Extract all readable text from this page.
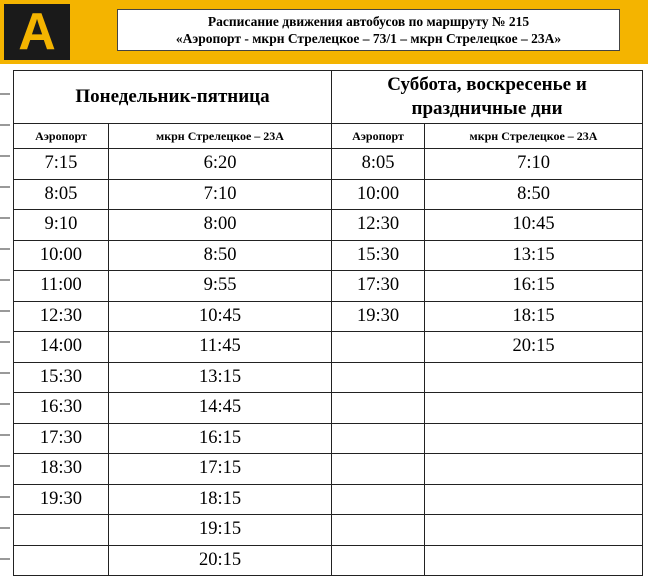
A	Расписание движения автобусов по маршруту № 215
«Аэропорт - мкрн Стрелецкое – 73/1 – мкрн Стрелецкое – 23А»
Понедельник-пятница		Суббота, воскресенье и
праздничные дни	

Аэропорт	мкрн Стрелецкое – 23А	Аэропорт	мкрн Стрелецкое – 23А
7:15	6:20	8:05	7:10
8:05	7:10	10:00	8:50
9:10	8:00	12:30	10:45
10:00	8:50	15:30	13:15
11:00	9:55	17:30	16:15
12:30	10:45	19:30	18:15
14:00	11:45		20:15
15:30	13:15		
16:30	14:45		
17:30	16:15		
18:30	17:15		
19:30	18:15		
	19:15		
	20:15		
